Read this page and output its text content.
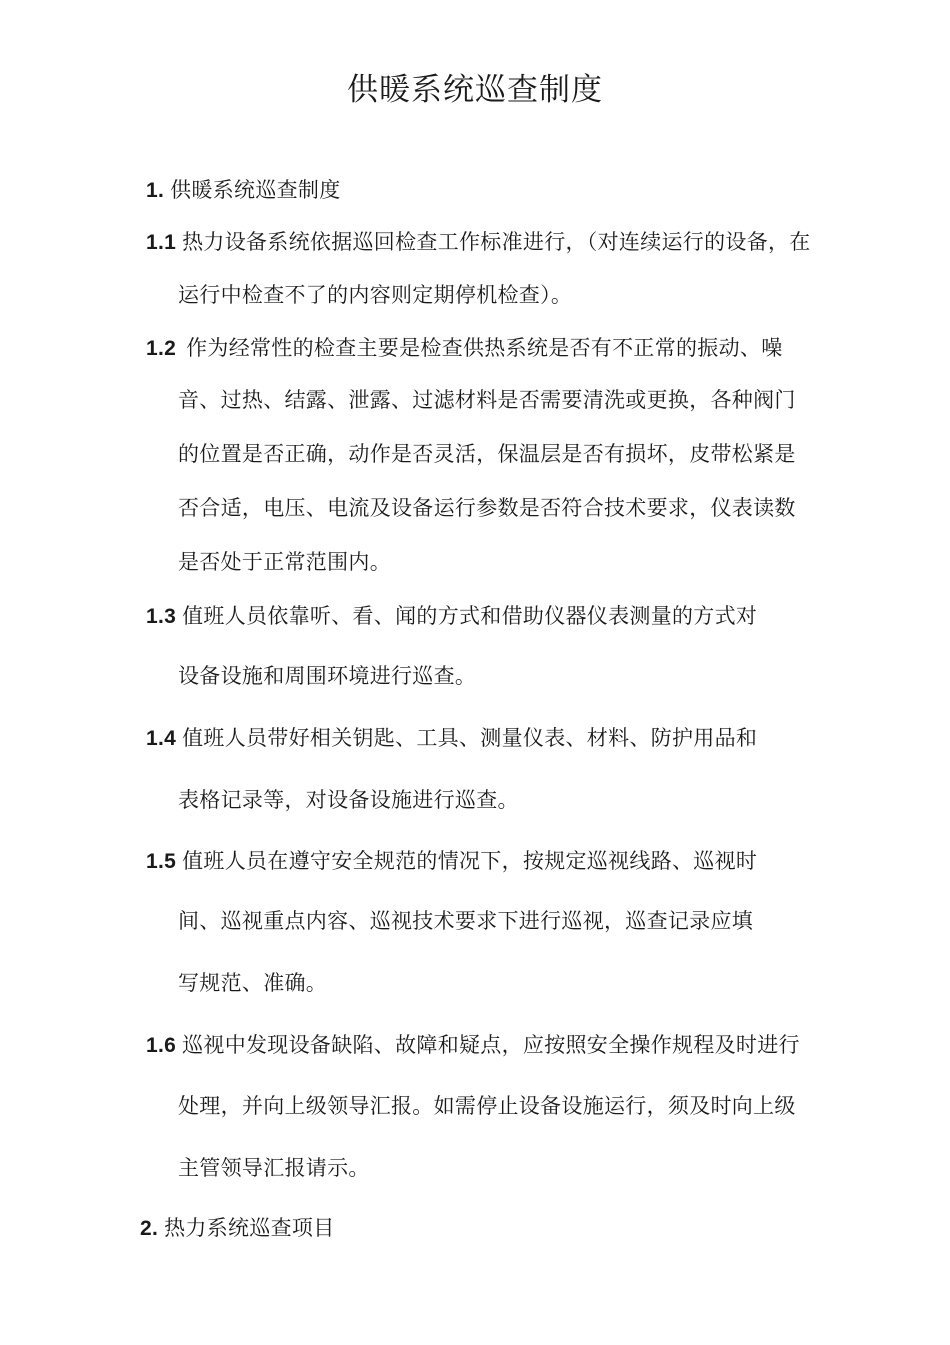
供暖系统巡查制度
1. 供暖系统巡查制度
1.1 热力设备系统依据巡回检查工作标准进行，（对连续运行的设备，在
运行中检查不了的内容则定期停机检查）。
1.2 作为经常性的检查主要是检查供热系统是否有不正常的振动、噪
音、过热、结露、泄露、过滤材料是否需要清洗或更换，各种阀门
的位置是否正确，动作是否灵活，保温层是否有损坏，皮带松紧是
否合适，电压、电流及设备运行参数是否符合技术要求，仪表读数
是否处于正常范围内。
1.3 值班人员依靠听、看、闻的方式和借助仪器仪表测量的方式对
设备设施和周围环境进行巡查。
1.4 值班人员带好相关钥匙、工具、测量仪表、材料、防护用品和
表格记录等，对设备设施进行巡查。
1.5 值班人员在遵守安全规范的情况下，按规定巡视线路、巡视时
间、巡视重点内容、巡视技术要求下进行巡视，巡查记录应填
写规范、准确。
1.6 巡视中发现设备缺陷、故障和疑点，应按照安全操作规程及时进行
处理，并向上级领导汇报。如需停止设备设施运行，须及时向上级
主管领导汇报请示。
2. 热力系统巡查项目
